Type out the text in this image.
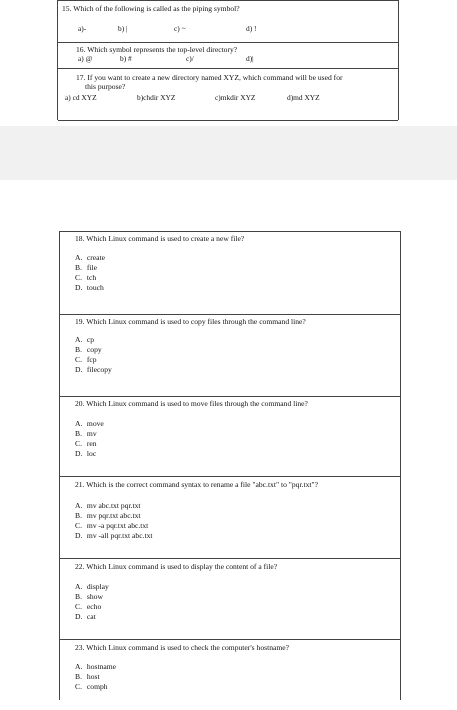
15. Which of the following is called as the piping symbol?
a)-	b) |	c) ~	d) !
16. Which symbol represents the top-level directory?
a) @	b) #	c)/	d)|
17. If you want to create a new directory named XYZ, which command will be used for
this purpose?
a) cd XYZ	b)chdir XYZ	c)mkdir XYZ	d)md XYZ
18. Which Linux command is used to create a new file?
A. create
B. file
C. tch
D. touch
19. Which Linux command is used to copy files through the command line?
A. cp
B. copy
C. fcp
D. filecopy
20. Which Linux command is used to move files through the command line?
A. move
B. mv
C. ren
D. loc
21. Which is the correct command syntax to rename a file "abc.txt" to "pqr.txt"?
A. mv abc.txt pqr.txt
B. mv pqr.txt abc.txt
C. mv -a pqr.txt abc.txt
D. mv -all pqr.txt abc.txt
22. Which Linux command is used to display the content of a file?
A. display
B. show
C. echo
D. cat
23. Which Linux command is used to check the computer's hostname?
A. hostname
B. host
C. comph
